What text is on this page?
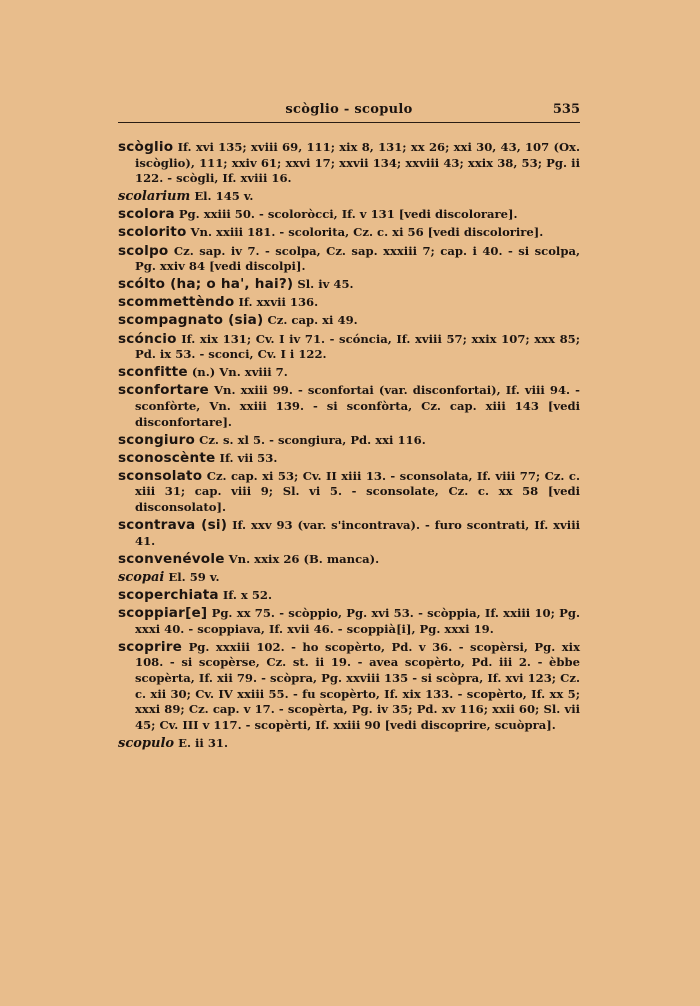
scòglio - scopulo	535

scòglio If. xvi 135; xviii 69, 111; xix 8, 131; xx 26; xxi 30, 43, 107 (Ox. iscòglio), 111; xxiv 61; xxvi 17; xxvii 134; xxviii 43; xxix 38, 53; Pg. ii 122. - scògli, If. xviii 16.

scolarium El. 145 v.

scolora Pg. xxiii 50. - scoloròcci, If. v 131 [vedi discolorare].

scolorito Vn. xxiii 181. - scolorita, Cz. c. xi 56 [vedi discolorire].

scolpo Cz. sap. iv 7. - scolpa, Cz. sap. xxxiii 7; cap. i 40. - si scolpa, Pg. xxiv 84 [vedi discolpi].

scólto (ha; o ha', hai?) Sl. iv 45.

scommettèndo If. xxvii 136.

scompagnato (sia) Cz. cap. xi 49.

scóncio If. xix 131; Cv. I iv 71. - scóncia, If. xviii 57; xxix 107; xxx 85; Pd. ix 53. - sconci, Cv. I i 122.

sconfitte (n.) Vn. xviii 7.

sconfortare Vn. xxiii 99. - sconfortai (var. disconfortai), If. viii 94. - sconfòrte, Vn. xxiii 139. - si sconfòrta, Cz. cap. xiii 143 [vedi disconfortare].

scongiuro Cz. s. xl 5. - scongiura, Pd. xxi 116.

sconoscènte If. vii 53.

sconsolato Cz. cap. xi 53; Cv. II xiii 13. - sconsolata, If. viii 77; Cz. c. xiii 31; cap. viii 9; Sl. vi 5. - sconsolate, Cz. c. xx 58 [vedi disconsolato].

scontrava (si) If. xxv 93 (var. s'incontrava). - furo scontrati, If. xviii 41.

sconvenévole Vn. xxix 26 (B. manca).

scopai El. 59 v.

scoperchiata If. x 52.

scoppiar[e] Pg. xx 75. - scòppio, Pg. xvi 53. - scòppia, If. xxiii 10; Pg. xxxi 40. - scoppiava, If. xvii 46. - scoppià[i], Pg. xxxi 19.

scoprire Pg. xxxiii 102. - ho scopèrto, Pd. v 36. - scopèrsi, Pg. xix 108. - si scopèrse, Cz. st. ii 19. - avea scopèrto, Pd. iii 2. - èbbe scopèrta, If. xii 79. - scòpra, Pg. xxviii 135 - si scòpra, If. xvi 123; Cz. c. xii 30; Cv. IV xxiii 55. - fu scopèrto, If. xix 133. - scopèrto, If. xx 5; xxxi 89; Cz. cap. v 17. - scopèrta, Pg. iv 35; Pd. xv 116; xxii 60; Sl. vii 45; Cv. III v 117. - scopèrti, If. xxiii 90 [vedi discoprire, scuòpra].

scopulo E. ii 31.
